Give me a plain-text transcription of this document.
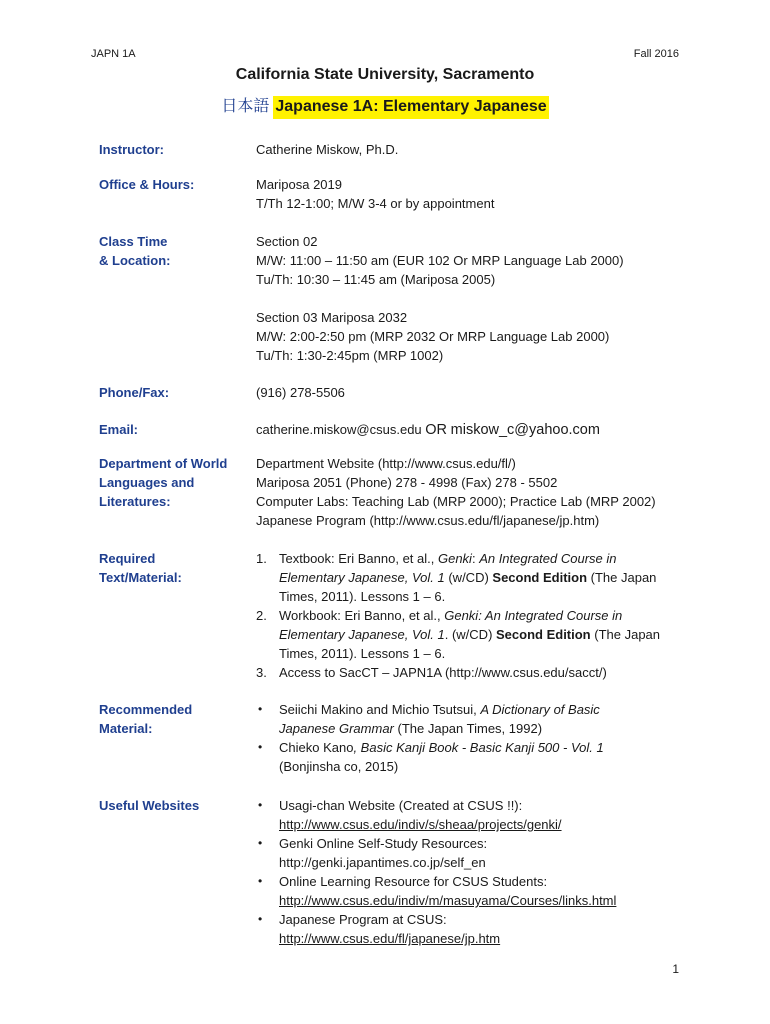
JAPN 1A	Fall 2016
California State University, Sacramento
日本語 Japanese 1A: Elementary Japanese
Instructor:	Catherine Miskow, Ph.D.
Office & Hours:	Mariposa 2019

T/Th 12-1:00; M/W 3-4 or by appointment

Class Time
& Location:

Section 02

M/W: 11:00 – 11:50 am (EUR 102 Or MRP Language Lab 2000)

Tu/Th: 10:30 – 11:45 am (Mariposa 2005)

Section 03 Mariposa 2032

M/W: 2:00-2:50 pm (MRP 2032 Or MRP Language Lab 2000)

Tu/Th: 1:30-2:45pm (MRP 1002)

Phone/Fax:	(916) 278-5506
Email:	catherine.miskow@csus.edu OR miskow_c@yahoo.com
Department of World
Languages and
Literatures:

Department Website (http://www.csus.edu/fl/)

Mariposa 2051 (Phone) 278 - 4998 (Fax) 278 - 5502

Computer Labs: Teaching Lab (MRP 2000); Practice Lab (MRP 2002)

Japanese Program (http://www.csus.edu/fl/japanese/jp.htm)

Required
Text/Material:
1. Textbook: Eri Banno, et al., Genki: An Integrated Course in Elementary Japanese, Vol. 1 (w/CD) Second Edition (The Japan Times, 2011). Lessons 1 – 6.
2. Workbook: Eri Banno, et al., Genki: An Integrated Course in Elementary Japanese, Vol. 1. (w/CD) Second Edition (The Japan Times, 2011). Lessons 1 – 6.
3. Access to SacCT – JAPN1A (http://www.csus.edu/sacct/)
Recommended
Material:
• Seiichi Makino and Michio Tsutsui, A Dictionary of Basic Japanese Grammar (The Japan Times, 1992)
• Chieko Kano, Basic Kanji Book - Basic Kanji 500 - Vol. 1 (Bonjinsha co, 2015)
Useful Websites	• Usagi-chan Website (Created at CSUS !!):
http://www.csus.edu/indiv/s/sheaa/projects/genki/
• Genki Online Self-Study Resources:
http://genki.japantimes.co.jp/self_en
• Online Learning Resource for CSUS Students:
http://www.csus.edu/indiv/m/masuyama/Courses/links.html
• Japanese Program at CSUS:
http://www.csus.edu/fl/japanese/jp.htm
1
